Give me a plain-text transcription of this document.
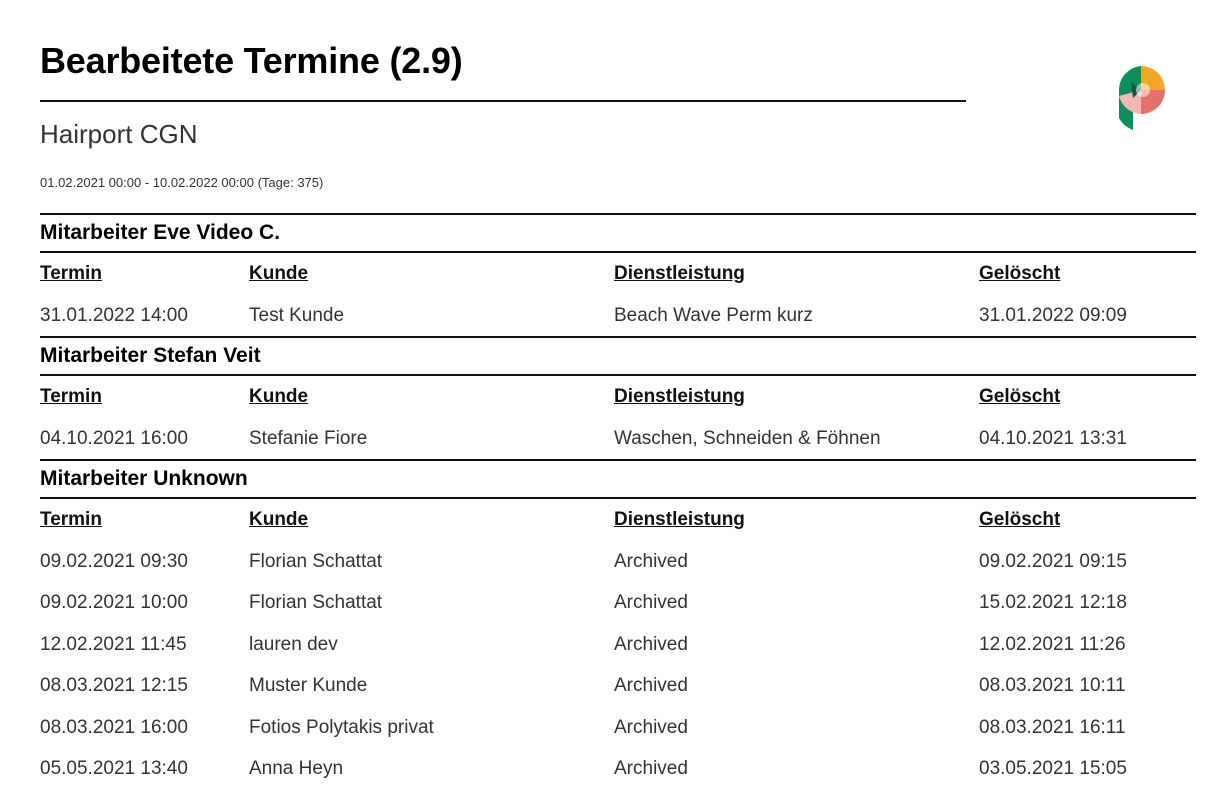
Bearbeitete Termine (2.9)
Hairport CGN
01.02.2021 00:00 - 10.02.2022 00:00 (Tage: 375)
Mitarbeiter Eve Video C.
Termin	Kunde	Dienstleistung	Gelöscht
31.01.2022 14:00	Test Kunde	Beach Wave Perm kurz	31.01.2022 09:09
Mitarbeiter Stefan Veit
Termin	Kunde	Dienstleistung	Gelöscht
04.10.2021 16:00	Stefanie Fiore	Waschen, Schneiden & Föhnen	04.10.2021 13:31
Mitarbeiter Unknown
Termin	Kunde	Dienstleistung	Gelöscht
09.02.2021 09:30	Florian Schattat	Archived	09.02.2021 09:15
09.02.2021 10:00	Florian Schattat	Archived	15.02.2021 12:18
12.02.2021 11:45	lauren dev	Archived	12.02.2021 11:26
08.03.2021 12:15	Muster Kunde	Archived	08.03.2021 10:11
08.03.2021 16:00	Fotios Polytakis privat	Archived	08.03.2021 16:11
05.05.2021 13:40	Anna Heyn	Archived	03.05.2021 15:05
